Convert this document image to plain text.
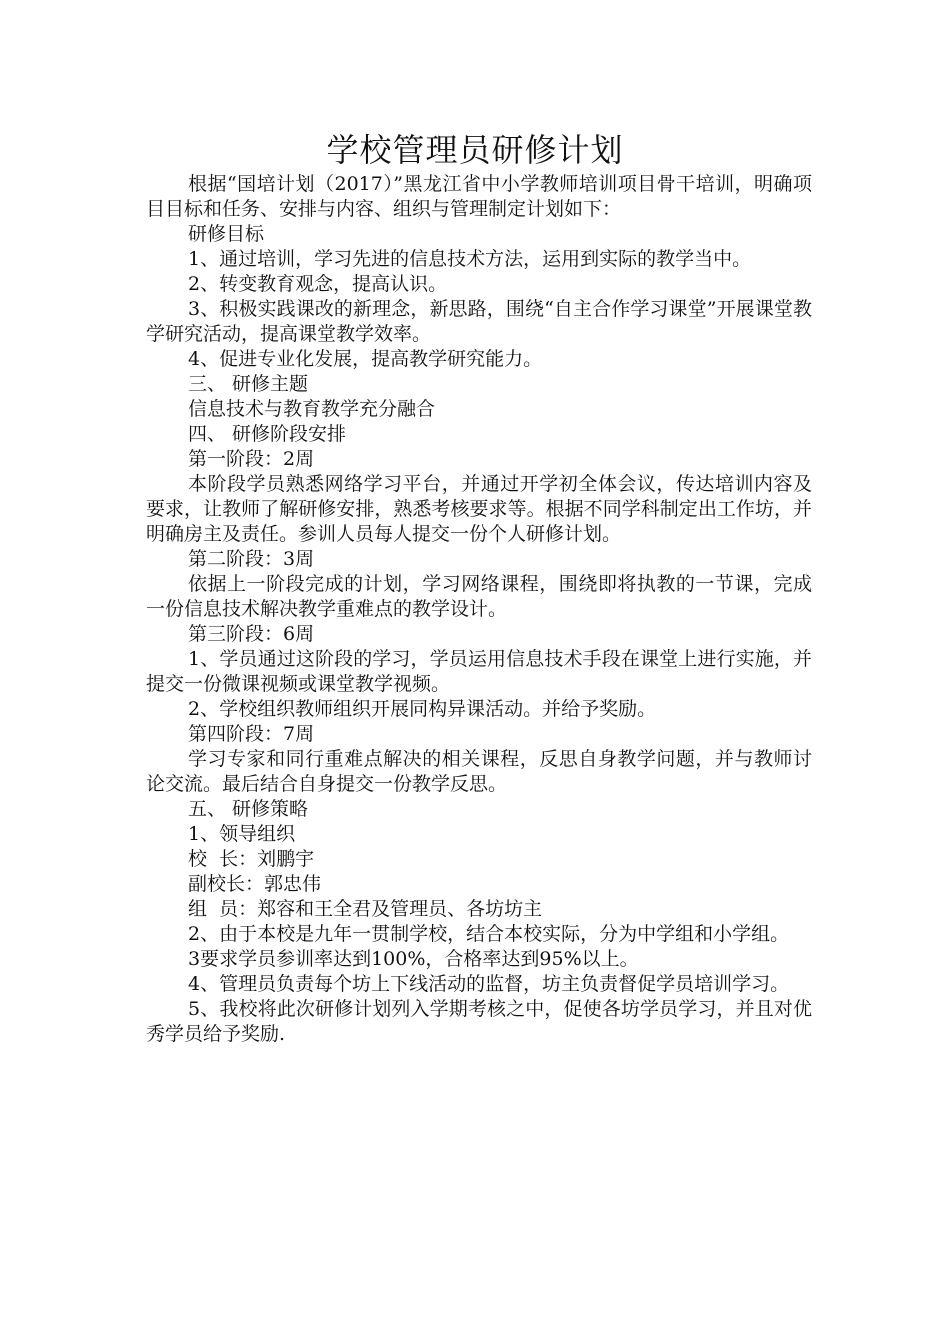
学校管理员研修计划

根据“国培计划（2017）”黑龙江省中小学教师培训项目骨干培训，明确项目目标和任务、安排与内容、组织与管理制定计划如下：

研修目标

1、通过培训，学习先进的信息技术方法，运用到实际的教学当中。

2、转变教育观念，提高认识。

3、积极实践课改的新理念，新思路，围绕“自主合作学习课堂”开展课堂教学研究活动，提高课堂教学效率。

4、促进专业化发展，提高教学研究能力。

三、 研修主题

信息技术与教育教学充分融合

四、 研修阶段安排

第一阶段：2周

本阶段学员熟悉网络学习平台，并通过开学初全体会议，传达培训内容及要求，让教师了解研修安排，熟悉考核要求等。根据不同学科制定出工作坊，并明确房主及责任。参训人员每人提交一份个人研修计划。

第二阶段：3周

依据上一阶段完成的计划，学习网络课程，围绕即将执教的一节课，完成一份信息技术解决教学重难点的教学设计。

第三阶段：6周

1、学员通过这阶段的学习，学员运用信息技术手段在课堂上进行实施，并提交一份微课视频或课堂教学视频。

2、学校组织教师组织开展同构异课活动。并给予奖励。

第四阶段：7周

学习专家和同行重难点解决的相关课程，反思自身教学问题，并与教师讨论交流。最后结合自身提交一份教学反思。

五、 研修策略

1、领导组织

校  长：刘鹏宇

副校长：郭忠伟

组  员：郑容和王全君及管理员、各坊坊主

2、由于本校是九年一贯制学校，结合本校实际，分为中学组和小学组。

3要求学员参训率达到100%，合格率达到95%以上。

4、管理员负责每个坊上下线活动的监督，坊主负责督促学员培训学习。

5、我校将此次研修计划列入学期考核之中，促使各坊学员学习，并且对优秀学员给予奖励.
